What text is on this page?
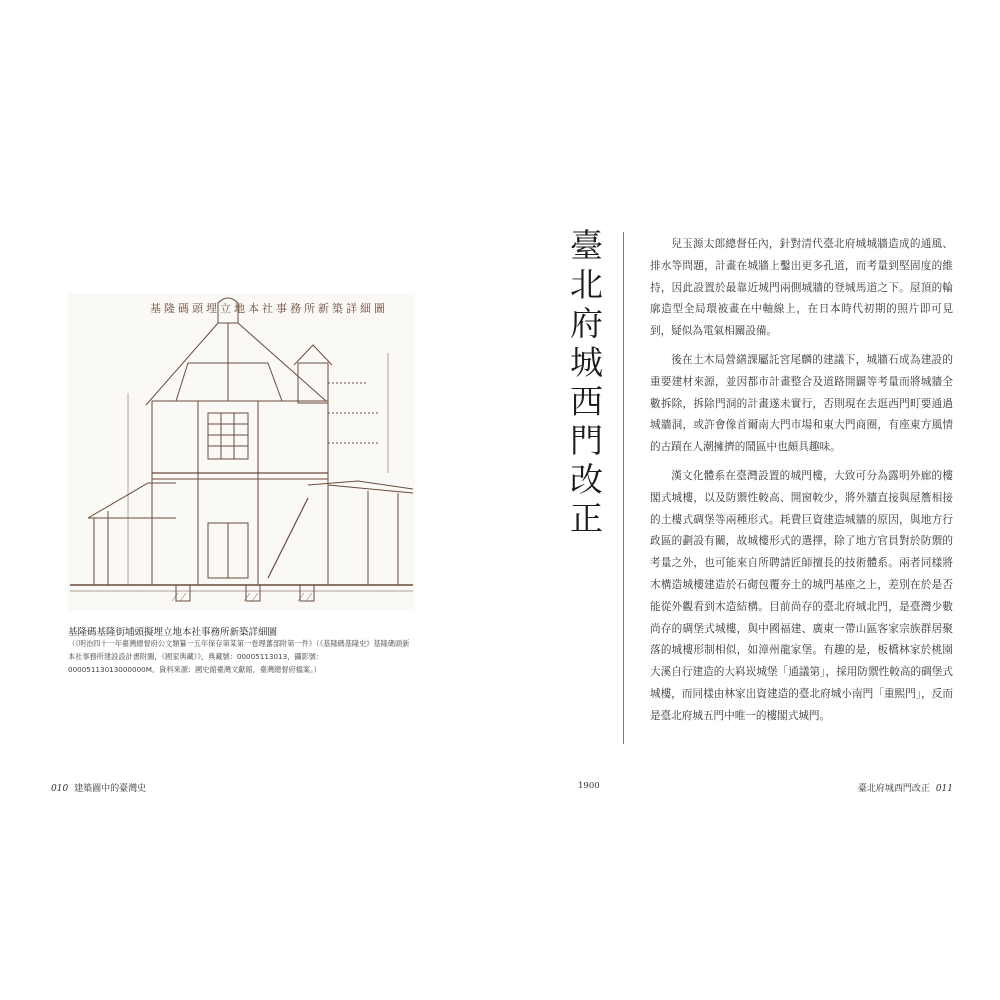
基隆碼頭埋立地本社事務所新築詳細圖
基隆碼基隆街埔頭擬埋立地本社事務所新築詳細圖
（《明治四十一年臺灣總督府公文類纂一五年保存第某第一卷理蕃部附第一件》（《基隆碼基隆史》基隆碼頭新本社事務所建設設計書附圖，（國家典藏）》，典藏號：00005113013，攝影號：00005113013000000M。資料來源：國史館臺灣文獻館，臺灣總督府檔案。）
010 建築圖中的臺灣史
臺北府城西門改正	兒玉源太郎總督任內，針對清代臺北府城城牆造成的通風、排水等問題，計畫在城牆上鑿出更多孔道，而考量到堅固度的維持，因此設置於最靠近城門兩側城牆的登城馬道之下。屋頂的輪廓造型全局環被畫在中軸線上，在日本時代初期的照片即可見到，疑似為電氣相關設備。

後在土木局營繕課屬託宮尾麟的建議下，城牆石成為建設的重要建材來源，並因都市計畫整合及道路開闢等考量而將城牆全數拆除，拆除門洞的計畫遂未實行，否則現在去逛西門町要通過城牆洞，或許會像首爾南大門市場和東大門商圈，有座東方風情的古蹟在人潮擁擠的鬧區中也頗具趣味。

漢文化體系在臺灣設置的城門樓，大致可分為露明外廊的樓閣式城樓，以及防禦性較高、開窗較少，將外牆直接與屋簷相接的土樓式碉堡等兩種形式。耗費巨資建造城牆的原因，與地方行政區的劃設有關，故城樓形式的選擇，除了地方官員對於防禦的考量之外，也可能來自所聘請匠師擅長的技術體系。兩者同樣將木構造城樓建造於石砌包覆夯土的城門基座之上，差別在於是否能從外觀看到木造結構。目前尚存的臺北府城北門，是臺灣少數尚存的碉堡式城樓，與中國福建、廣東一帶山區客家宗族群居聚落的城樓形制相似，如漳州龍家堡。有趣的是，板橋林家於桃園大溪自行建造的大嵙崁城堡「通議第」，採用防禦性較高的碉堡式城樓，而同樣由林家出資建造的臺北府城小南門「重熙門」，反而是臺北府城五門中唯一的樓閣式城門。

1900	臺北府城西門改正 011
